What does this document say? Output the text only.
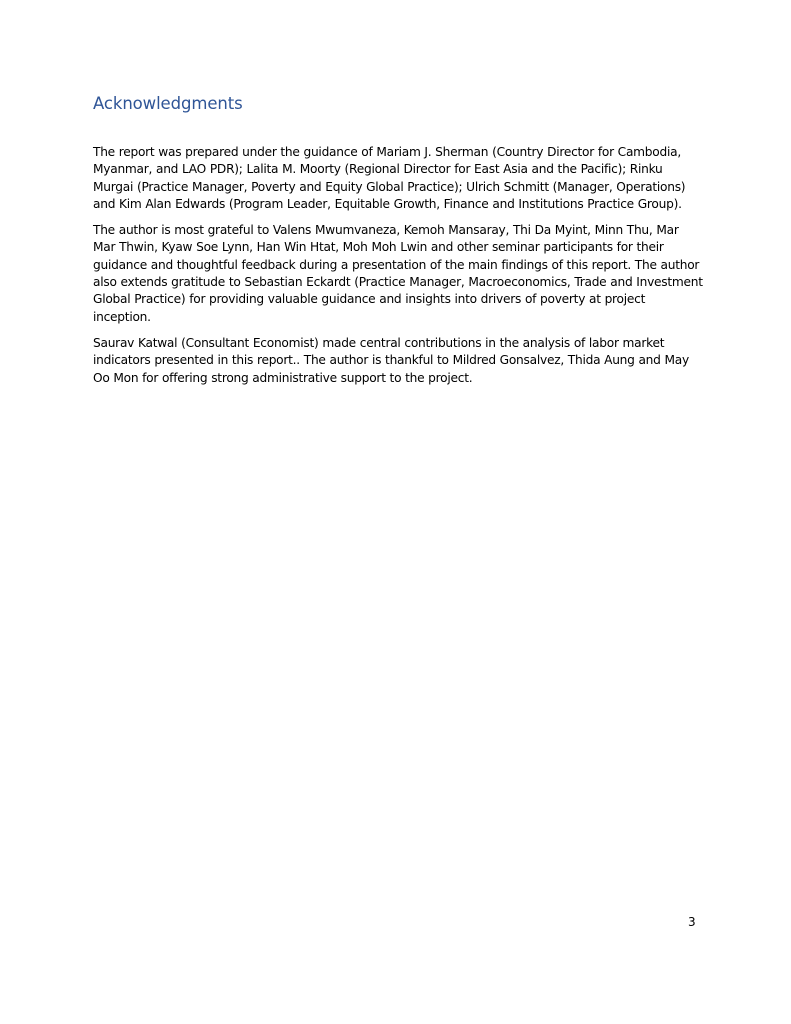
Acknowledgments

The report was prepared under the guidance of Mariam J. Sherman (Country Director for Cambodia, Myanmar, and LAO PDR); Lalita M. Moorty (Regional Director for East Asia and the Pacific); Rinku Murgai (Practice Manager, Poverty and Equity Global Practice); Ulrich Schmitt (Manager, Operations) and Kim Alan Edwards (Program Leader, Equitable Growth, Finance and Institutions Practice Group).

The author is most grateful to Valens Mwumvaneza, Kemoh Mansaray, Thi Da Myint, Minn Thu, Mar Mar Thwin, Kyaw Soe Lynn, Han Win Htat, Moh Moh Lwin and other seminar participants for their guidance and thoughtful feedback during a presentation of the main findings of this report. The author also extends gratitude to Sebastian Eckardt (Practice Manager, Macroeconomics, Trade and Investment Global Practice) for providing valuable guidance and insights into drivers of poverty at project inception.

Saurav Katwal (Consultant Economist) made central contributions in the analysis of labor market indicators presented in this report.. The author is thankful to Mildred Gonsalvez, Thida Aung and May Oo Mon for offering strong administrative support to the project.

3
